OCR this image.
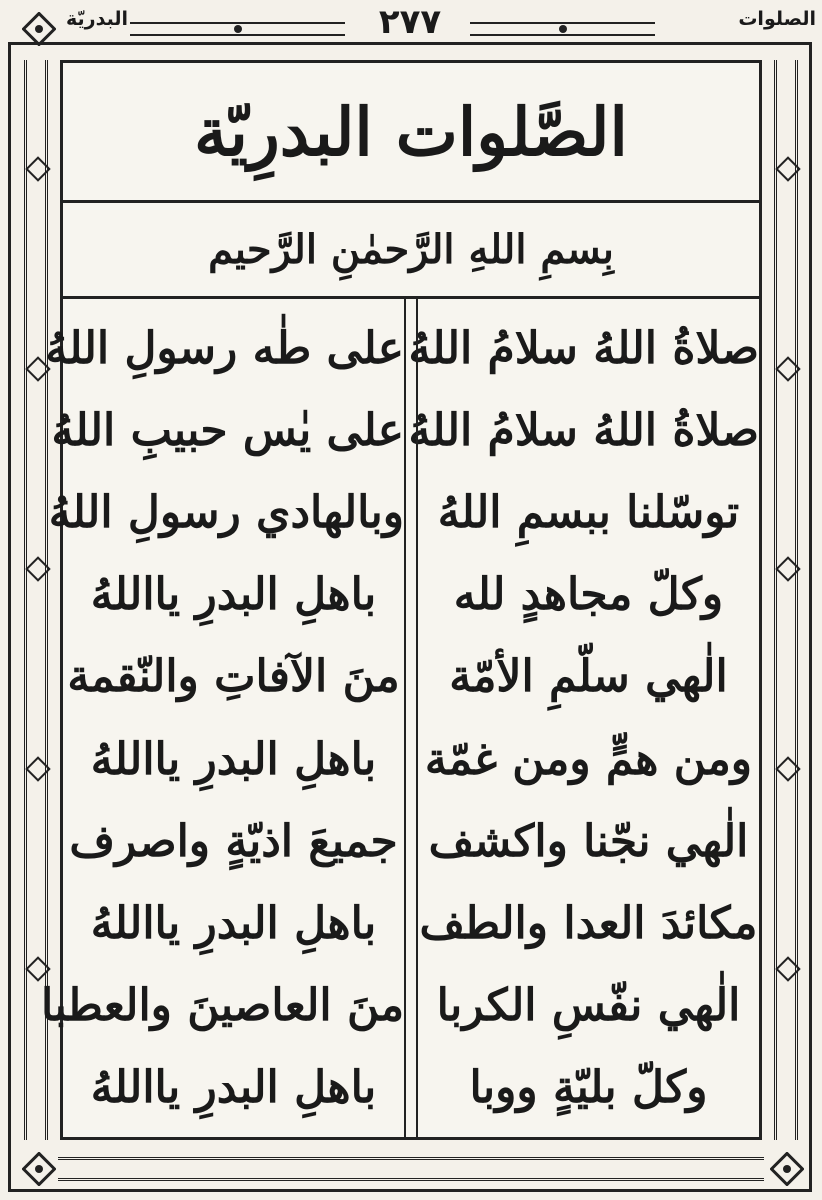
٢٧٧
البدريّة	الصلوات
الصَّلوات البدرِيّة
بِسمِ اللهِ الرَّحمٰنِ الرَّحيم
صلاةُ اللهُ سلامُ اللهُ
صلاةُ اللهُ سلامُ اللهُ
توسّلنا ببسمِ اللهُ
وكلّ مجاهدٍ لله
الٰهي سلّمِ الأمّة
ومن همٍّ ومن غمّة
الٰهي نجّنا واكشف
مكائدَ العدا والطف
الٰهي نفّسِ الكربا
وكلّ بليّةٍ ووبا
على طٰه رسولِ اللهُ
على يٰس حبيبِ اللهُ
وبالهادي رسولِ اللهُ
باهلِ البدرِ يااللهُ
منَ الآفاتِ والنّقمة
باهلِ البدرِ يااللهُ
جميعَ اذيّةٍ واصرف
باهلِ البدرِ يااللهُ
منَ العاصينَ والعطبا
باهلِ البدرِ يااللهُ
